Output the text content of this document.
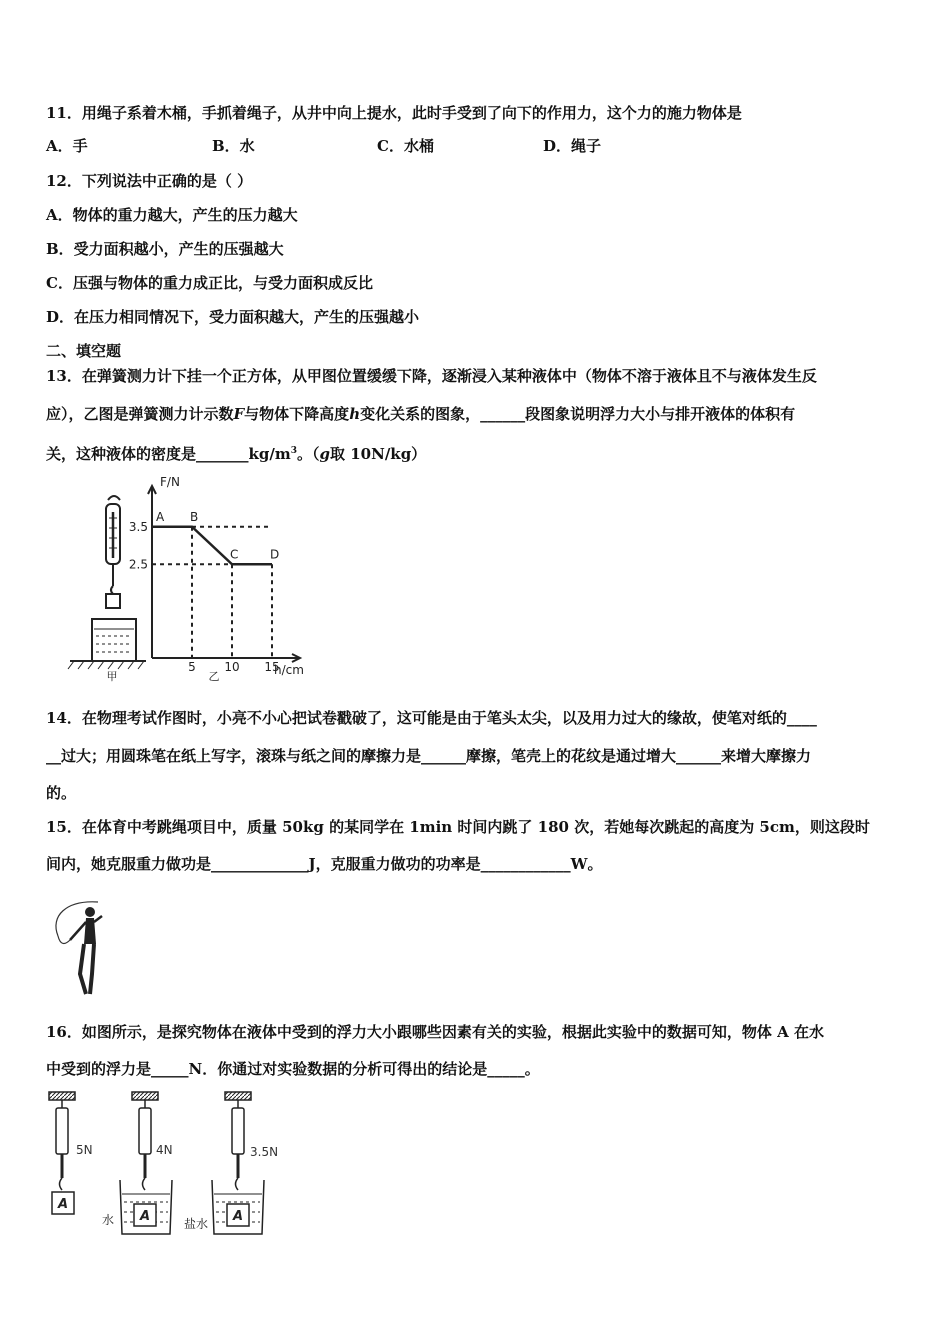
11．用绳子系着木桶，手抓着绳子，从井中向上提水，此时手受到了向下的作用力，这个力的施力物体是
A．手	B．水	C．水桶	D．绳子
12．下列说法中正确的是（ ）
A．物体的重力越大，产生的压力越大
B．受力面积越小，产生的压强越大
C．压强与物体的重力成正比，与受力面积成反比
D．在压力相同情况下，受力面积越大，产生的压强越小
二、填空题
13．在弹簧测力计下挂一个正方体，从甲图位置缓缓下降，逐渐浸入某种液体中（物体不溶于液体且不与液体发生反
应），乙图是弹簧测力计示数F与物体下降高度h变化关系的图象，______段图象说明浮力大小与排开液体的体积有
关，这种液体的密度是$\_\_\_\_\_\_\_kg/m^3$。（g取 10N/kg）
甲
A B
C	D
2.5
3.5
5 10 15
F/N
h/cm
乙
14．在物理考试作图时，小亮不小心把试卷戳破了，这可能是由于笔头太尖，以及用力过大的缘故，使笔对纸的____
__过大；用圆珠笔在纸上写字，滚珠与纸之间的摩擦力是______摩擦，笔壳上的花纹是通过增大______来增大摩擦力
的。
15．在体育中考跳绳项目中，质量 50kg 的某同学在 1min 时间内跳了 180 次，若她每次跳起的高度为 5cm，则这段时
间内，她克服重力做功是_____________J，克服重力做功的功率是____________W。
16．如图所示，是探究物体在液体中受到的浮力大小跟哪些因素有关的实验，根据此实验中的数据可知，物体 A 在水
中受到的浮力是_____N．你通过对实验数据的分析可得出的结论是_____。
5N	4N	3.5N
A
A	A
水	盐水
